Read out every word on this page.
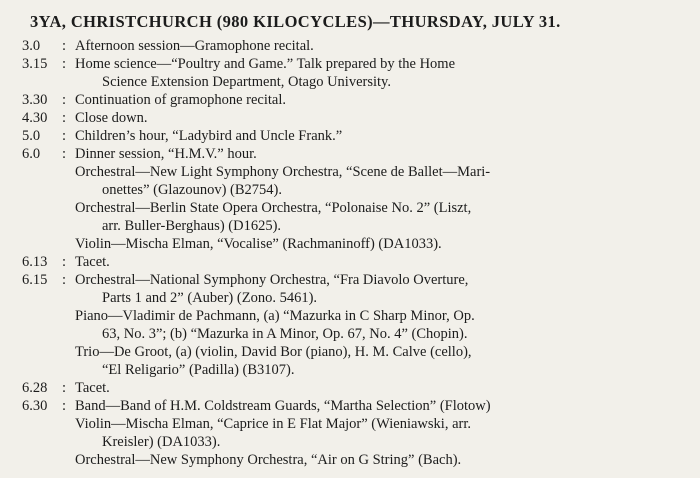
3YA, CHRISTCHURCH (980 KILOCYCLES)—THURSDAY, JULY 31.
3.0	: Afternoon session—Gramophone recital.
3.15	: Home science—“Poultry and Game.” Talk prepared by the Home
Science Extension Department, Otago University.
3.30	: Continuation of gramophone recital.
4.30	: Close down.
5.0	: Children’s hour, “Ladybird and Uncle Frank.”
6.0	: Dinner session, “H.M.V.” hour.
Orchestral—New Light Symphony Orchestra, “Scene de Ballet—Mari-
onettes” (Glazounov) (B2754).
Orchestral—Berlin State Opera Orchestra, “Polonaise No. 2” (Liszt,
arr. Buller-Berghaus) (D1625).
Violin—Mischa Elman, “Vocalise” (Rachmaninoff) (DA1033).
6.13	: Tacet.
6.15	: Orchestral—National Symphony Orchestra, “Fra Diavolo Overture,
Parts 1 and 2” (Auber) (Zono. 5461).
Piano—Vladimir de Pachmann, (a) “Mazurka in C Sharp Minor, Op.
63, No. 3”; (b) “Mazurka in A Minor, Op. 67, No. 4” (Chopin).
Trio—De Groot, (a) (violin, David Bor (piano), H. M. Calve (cello),
“El Religario” (Padilla) (B3107).
6.28	: Tacet.
6.30	: Band—Band of H.M. Coldstream Guards, “Martha Selection” (Flotow)
Violin—Mischa Elman, “Caprice in E Flat Major” (Wieniawski, arr.
Kreisler) (DA1033).
Orchestral—New Symphony Orchestra, “Air on G String” (Bach).
